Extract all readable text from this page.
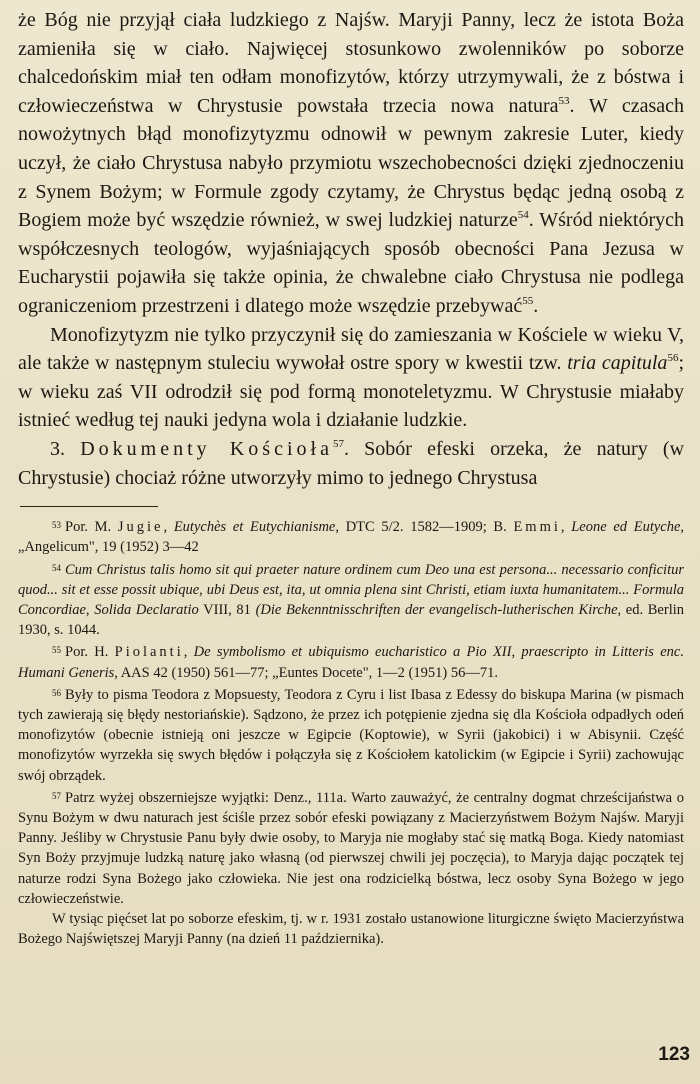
że Bóg nie przyjął ciała ludzkiego z Najśw. Maryji Panny, lecz że istota Boża zamieniła się w ciało. Najwięcej stosunkowo zwolenników po soborze chalcedońskim miał ten odłam monofizytów, którzy utrzymywali, że z bóstwa i człowieczeństwa w Chrystusie powstała trzecia nowa natura$^{53}$. W czasach nowożytnych błąd monofizytyzmu odnowił w pewnym zakresie Luter, kiedy uczył, że ciało Chrystusa nabyło przymiotu wszechobecności dzięki zjednoczeniu z Synem Bożym; w Formule zgody czytamy, że Chrystus będąc jedną osobą z Bogiem może być wszędzie również, w swej ludzkiej naturze$^{54}$. Wśród niektórych współczesnych teologów, wyjaśniających sposób obecności Pana Jezusa w Eucharystii pojawiła się także opinia, że chwalebne ciało Chrystusa nie podlega ograniczeniom przestrzeni i dlatego może wszędzie przebywać$^{55}$.

Monofizytyzm nie tylko przyczynił się do zamieszania w Kościele w wieku V, ale także w następnym stuleciu wywołał ostre spory w kwestii tzw. tria capitula$^{56}$; w wieku zaś VII odrodził się pod formą monoteletyzmu. W Chrystusie miałaby istnieć według tej nauki jedyna wola i działanie ludzkie.

3. Dokumenty Kościoła$^{57}$. Sobór efeski orzeka, że natury (w Chrystusie) chociaż różne utworzyły mimo to jednego Chrystusa

$^{53}$ Por. M. Jugie, Eutychès et Eutychianisme, DTC 5/2. 1582—1909; B. Emmi, Leone ed Eutyche, „Angelicum", 19 (1952) 3—42

$^{54}$ Cum Christus talis homo sit qui praeter nature ordinem cum Deo una est persona... necessario conficitur quod... sit et esse possit ubique, ubi Deus est, ita, ut omnia plena sint Christi, etiam iuxta humanitatem... Formula Concordiae, Solida Declaratio VIII, 81 (Die Bekenntnisschriften der evangelisch-lutherischen Kirche, ed. Berlin 1930, s. 1044.

$^{55}$ Por. H. Piolanti, De symbolismo et ubiquismo eucharistico a Pio XII, praescripto in Litteris enc. Humani Generis, AAS 42 (1950) 561—77; „Euntes Docete", 1—2 (1951) 56—71.

$^{56}$ Były to pisma Teodora z Mopsuesty, Teodora z Cyru i list Ibasa z Edessy do biskupa Marina (w pismach tych zawierają się błędy nestoriańskie). Sądzono, że przez ich potępienie zjedna się dla Kościoła odpadłych odeń monofizytów (obecnie istnieją oni jeszcze w Egipcie (Koptowie), w Syrii (jakobici) i w Abisynii. Część monofizytów wyrzekła się swych błędów i połączyła się z Kościołem katolickim (w Egipcie i Syrii) zachowując swój obrządek.

$^{57}$ Patrz wyżej obszerniejsze wyjątki: Denz., 111a. Warto zauważyć, że centralny dogmat chrześcijaństwa o Synu Bożym w dwu naturach jest ściśle przez sobór efeski powiązany z Macierzyństwem Bożym Najśw. Maryji Panny. Jeśliby w Chrystusie Panu były dwie osoby, to Maryja nie mogłaby stać się matką Boga. Kiedy natomiast Syn Boży przyjmuje ludzką naturę jako własną (od pierwszej chwili jej poczęcia), to Maryja dając początek tej naturze rodzi Syna Bożego jako człowieka. Nie jest ona rodzicielką bóstwa, lecz osoby Syna Bożego w jego człowieczeństwie.

W tysiąc pięćset lat po soborze efeskim, tj. w r. 1931 zostało ustanowione liturgiczne święto Macierzyństwa Bożego Najświętszej Maryji Panny (na dzień 11 października).

123
